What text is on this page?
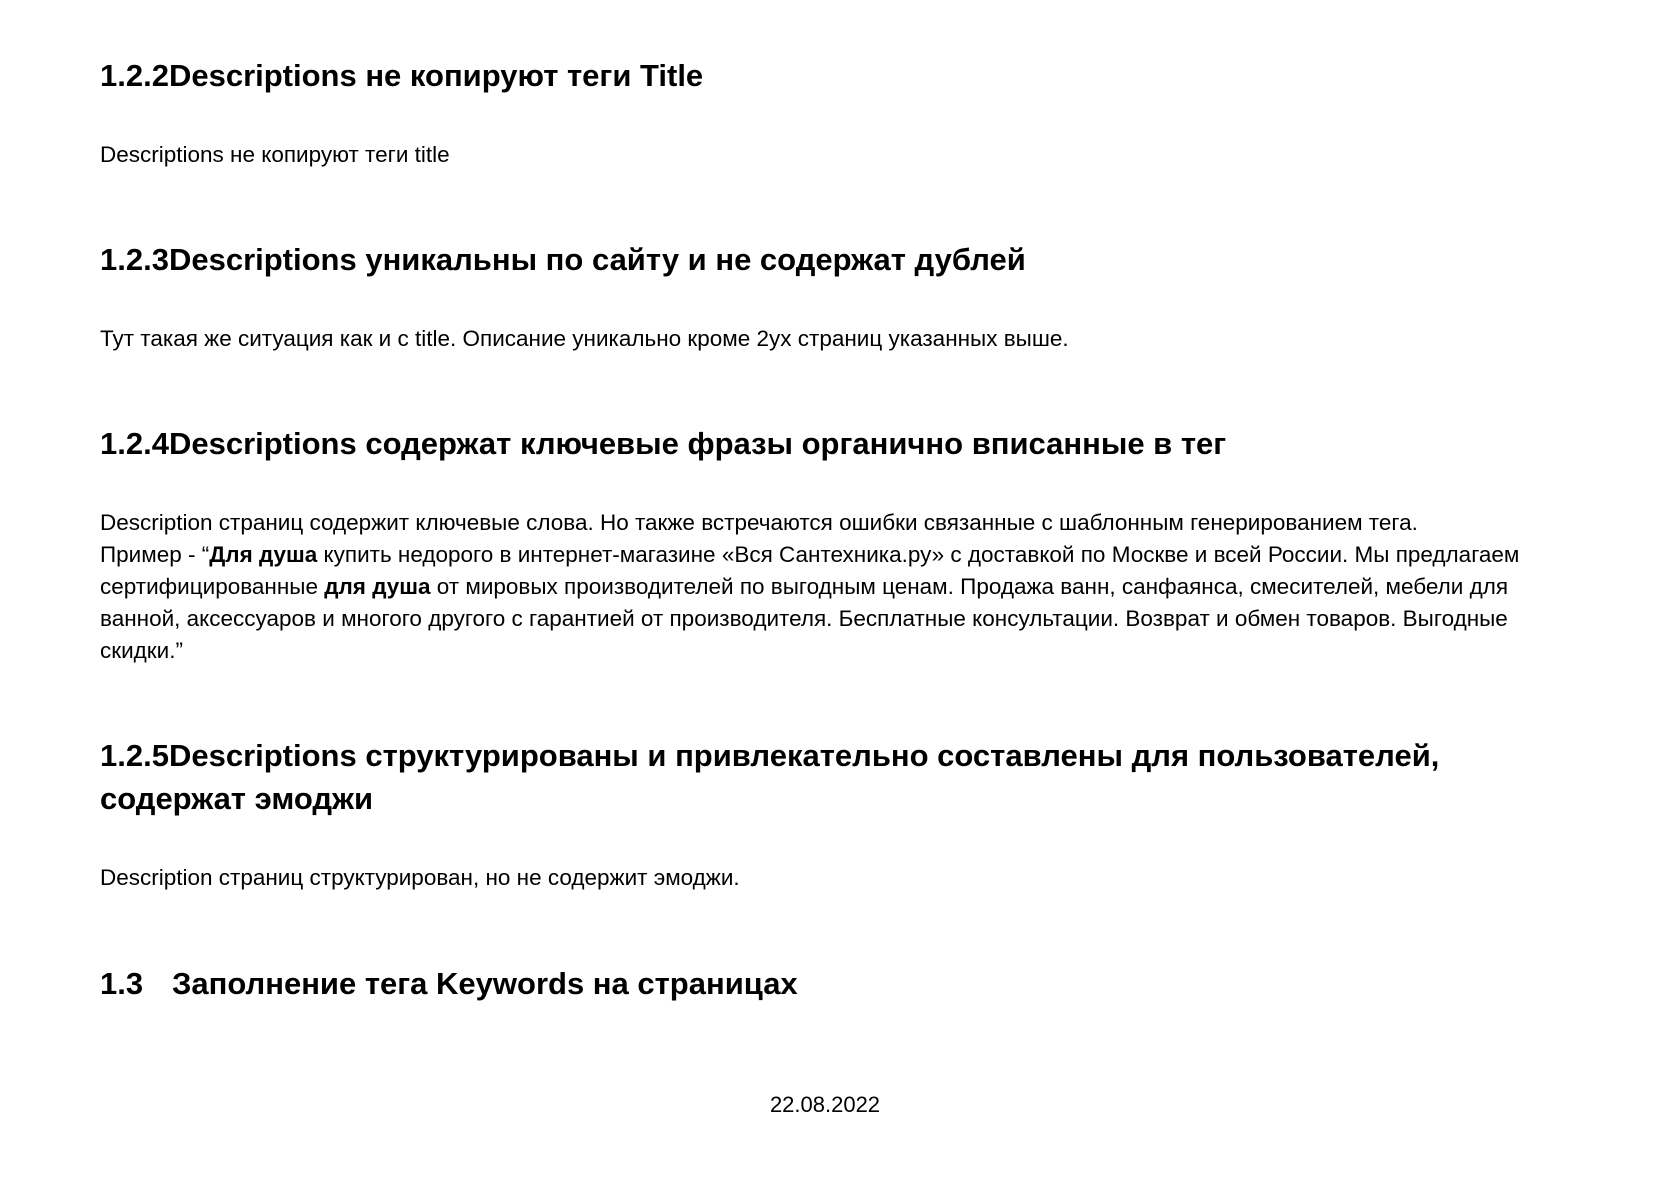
1.2.2Descriptions не копируют теги Title

Descriptions не копируют теги title

1.2.3Descriptions уникальны по сайту и не содержат дублей

Тут такая же ситуация как и с title. Описание уникально кроме 2ух страниц указанных выше.

1.2.4Descriptions содержат ключевые фразы органично вписанные в тег
Description страниц содержит ключевые слова. Но также встречаются ошибки связанные с шаблонным генерированием тега.
Пример - “Для душа купить недорого в интернет-магазине «Вся Сантехника.ру» с доставкой по Москве и всей России. Мы предлагаем сертифицированные для душа от мировых производителей по выгодным ценам. Продажа ванн, санфаянса, смесителей, мебели для ванной, аксессуаров и многого другого с гарантией от производителя. Бесплатные консультации. Возврат и обмен товаров. Выгодные скидки.”
1.2.5Descriptions структурированы и привлекательно составлены для пользователей,
содержат эмоджи

Description страниц структурирован, но не содержит эмоджи.

1.3 Заполнение тега Keywords на страницах
22.08.2022
